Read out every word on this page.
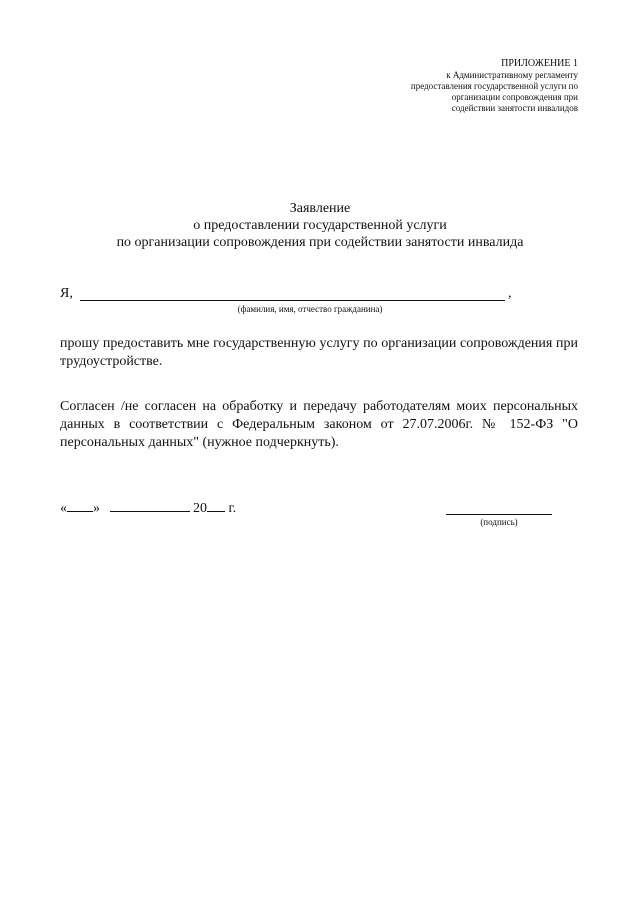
ПРИЛОЖЕНИЕ 1
к Административному регламенту
предоставления государственной услуги по
организации сопровождения при
содействии занятости инвалидов
Заявление
о предоставлении государственной услуги
по организации сопровождения при содействии занятости инвалида
Я,	,
(фамилия, имя, отчество гражданина)
прошу предоставить мне государственную услугу по организации сопровождения при трудоустройстве.
Согласен /не согласен на обработку и передачу работодателям моих персональных данных в соответствии с Федеральным законом от 27.07.2006г. № 152-ФЗ "О персональных данных" (нужное подчеркнуть).
« »	20 г.
(подпись)
